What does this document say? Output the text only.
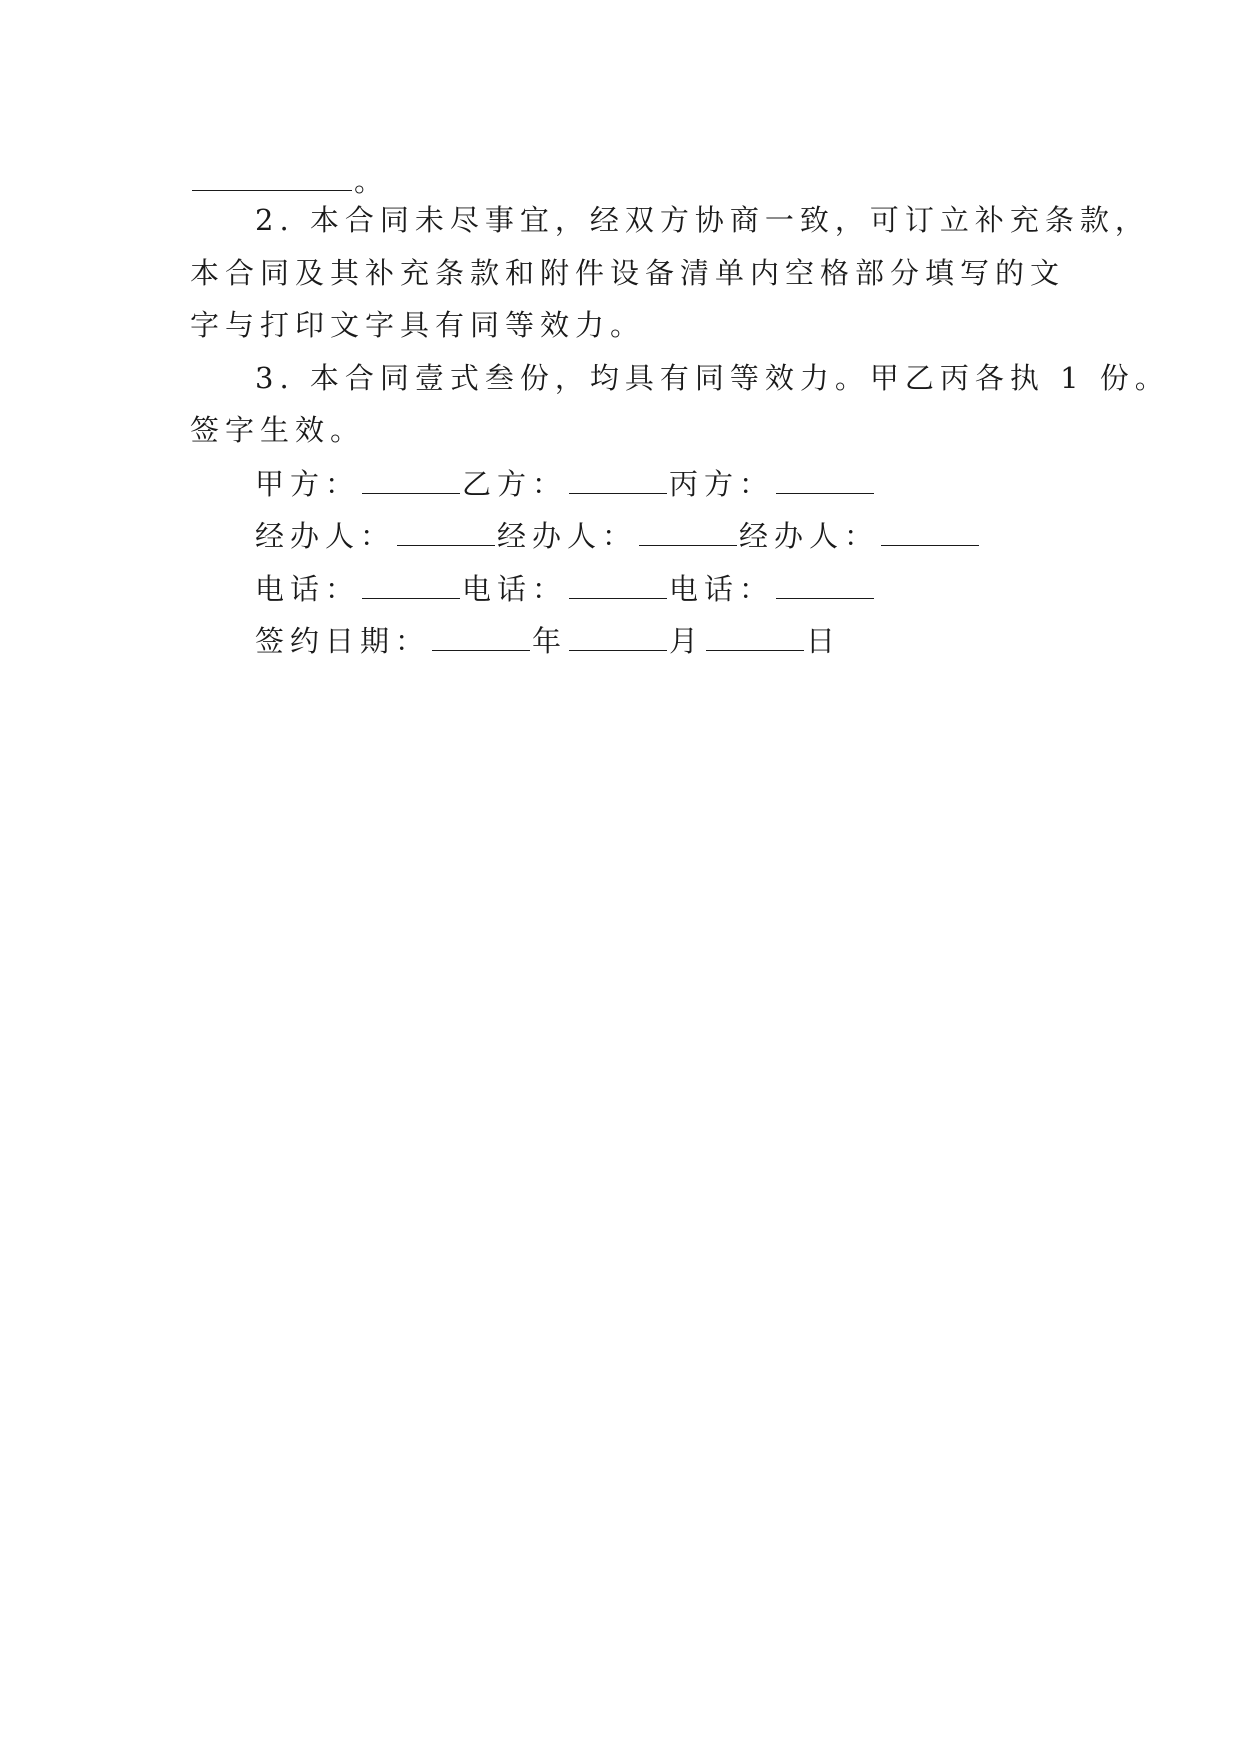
。
2. 本合同未尽事宜，经双方协商一致，可订立补充条款，
本合同及其补充条款和附件设备清单内空格部分填写的文
字与打印文字具有同等效力。
3. 本合同壹式叁份，均具有同等效力。甲乙丙各执 1 份。
签字生效。
甲方：	乙方：	丙方：
经办人：	经办人：	经办人：
电话：	电话：	电话：
签约日期：	年	月	日
